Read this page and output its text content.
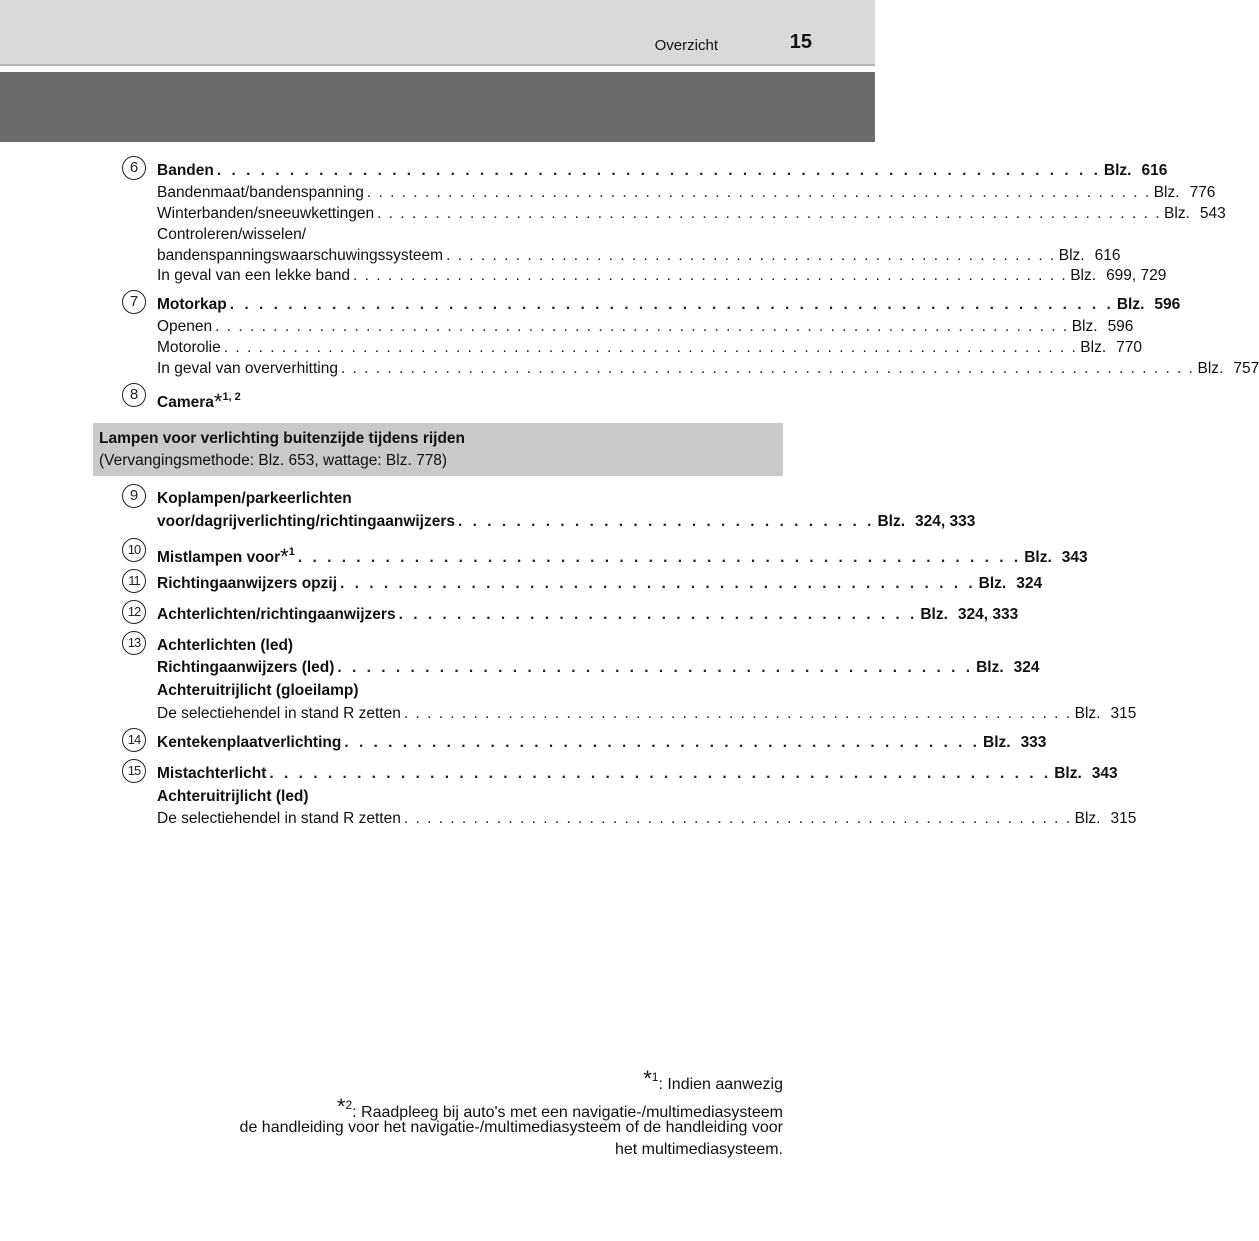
Overzicht	15
6	Banden . . . . . . . . . . . . . . . . . . . . . . . . . . . . . . . . . . . . . . . . . . . . . . . . . . . . . . . . . . . . . Blz. 616
Bandenmaat/bandenspanning . . . . . . . . . . . . . . . . . . . . . . . . . . . . . . . . . . . . . . . . . . . . . . . . . . . . . . . . . . . . . . . . . . . . Blz. 776
Winterbanden/sneeuwkettingen . . . . . . . . . . . . . . . . . . . . . . . . . . . . . . . . . . . . . . . . . . . . . . . . . . . . . . . . . . . . . . . . . . . . Blz. 543
Controleren/wisselen/
bandenspanningswaarschuwingssysteem . . . . . . . . . . . . . . . . . . . . . . . . . . . . . . . . . . . . . . . . . . . . . . . . . . . . . Blz. 616
In geval van een lekke band . . . . . . . . . . . . . . . . . . . . . . . . . . . . . . . . . . . . . . . . . . . . . . . . . . . . . . . . . . . . . . Blz. 699, 729
7	Motorkap . . . . . . . . . . . . . . . . . . . . . . . . . . . . . . . . . . . . . . . . . . . . . . . . . . . . . . . . . . . . . Blz. 596
Openen . . . . . . . . . . . . . . . . . . . . . . . . . . . . . . . . . . . . . . . . . . . . . . . . . . . . . . . . . . . . . . . . . . . . . . . . . . Blz. 596
Motorolie . . . . . . . . . . . . . . . . . . . . . . . . . . . . . . . . . . . . . . . . . . . . . . . . . . . . . . . . . . . . . . . . . . . . . . . . . . Blz. 770
In geval van oververhitting . . . . . . . . . . . . . . . . . . . . . . . . . . . . . . . . . . . . . . . . . . . . . . . . . . . . . . . . . . . . . . . . . . . . . . . . . . Blz. 757
8	Camera*$^{1, 2}$
Lampen voor verlichting buitenzijde tijdens rijden
(Vervangingsmethode: Blz. 653, wattage: Blz. 778)
9	Koplampen/parkeerlichten
voor/dagrijverlichting/richtingaanwijzers . . . . . . . . . . . . . . . . . . . . . . . . . . . . . Blz. 324, 333
10	Mistlampen voor*$^1$ . . . . . . . . . . . . . . . . . . . . . . . . . . . . . . . . . . . . . . . . . . . . . . . . . . Blz. 343
11	Richtingaanwijzers opzij . . . . . . . . . . . . . . . . . . . . . . . . . . . . . . . . . . . . . . . . . . . . Blz. 324
12	Achterlichten/richtingaanwijzers . . . . . . . . . . . . . . . . . . . . . . . . . . . . . . . . . . . . Blz. 324, 333
13	Achterlichten (led)
Richtingaanwijzers (led) . . . . . . . . . . . . . . . . . . . . . . . . . . . . . . . . . . . . . . . . . . . . Blz. 324
Achteruitrijlicht (gloeilamp)
De selectiehendel in stand R zetten . . . . . . . . . . . . . . . . . . . . . . . . . . . . . . . . . . . . . . . . . . . . . . . . . . . . . . . . . . Blz. 315
14	Kentekenplaatverlichting . . . . . . . . . . . . . . . . . . . . . . . . . . . . . . . . . . . . . . . . . . . . Blz. 333
15	Mistachterlicht . . . . . . . . . . . . . . . . . . . . . . . . . . . . . . . . . . . . . . . . . . . . . . . . . . . . . . Blz. 343
Achteruitrijlicht (led)
De selectiehendel in stand R zetten . . . . . . . . . . . . . . . . . . . . . . . . . . . . . . . . . . . . . . . . . . . . . . . . . . . . . . . . . . Blz. 315
*$^1$: Indien aanwezig
*$^2$: Raadpleeg bij auto's met een navigatie-/multimediasysteem
de handleiding voor het navigatie-/multimediasysteem of de handleiding voor
het multimediasysteem.
